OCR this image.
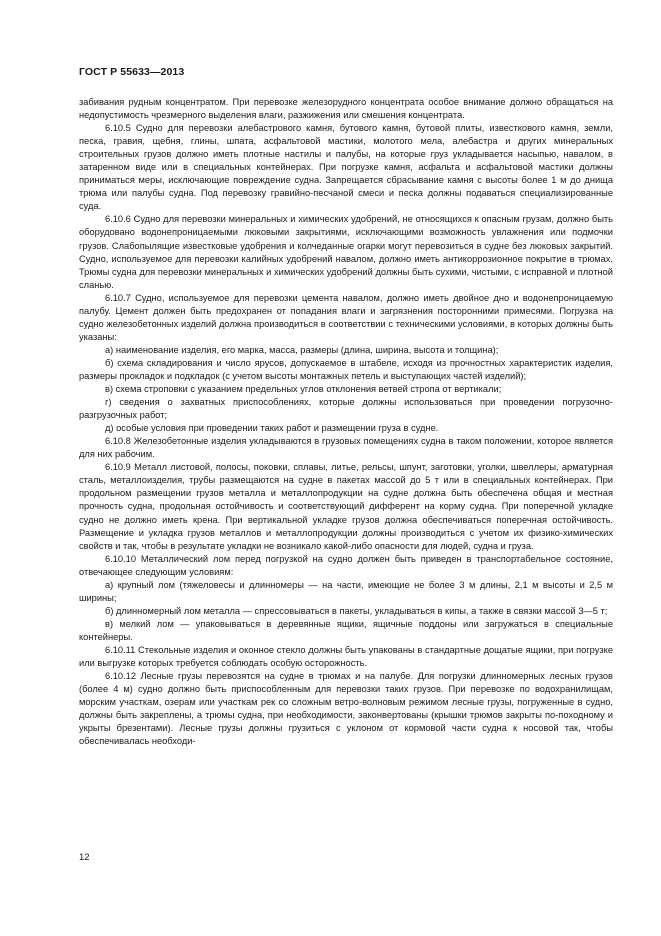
ГОСТ Р 55633—2013

забивания рудным концентратом. При перевозке железорудного концентрата особое внимание должно обращаться на недопустимость чрезмерного выделения влаги, разжижения или смешения концентрата.

6.10.5 Судно для перевозки алебастрового камня, бутового камня, бутовой плиты, известкового камня, земли, песка, гравия, щебня, глины, шпата, асфальтовой мастики, молотого мела, алебастра и других минеральных строительных грузов должно иметь плотные настилы и палубы, на которые груз укладывается насыпью, навалом, в затаренном виде или в специальных контейнерах. При погрузке камня, асфальта и асфальтовой мастики должны приниматься меры, исключающие повреждение судна. Запрещается сбрасывание камня с высоты более 1 м до днища трюма или палубы судна. Под перевозку гравийно-песчаной смеси и песка должны подаваться специализированные суда.

6.10.6 Судно для перевозки минеральных и химических удобрений, не относящихся к опасным грузам, должно быть оборудовано водонепроницаемыми люковыми закрытиями, исключающими возможность увлажнения или подмочки грузов. Слабопылящие известковые удобрения и колчеданные огарки могут перевозиться в судне без люковых закрытий. Судно, используемое для перевозки калийных удобрений навалом, должно иметь антикоррозионное покрытие в трюмах. Трюмы судна для перевозки минеральных и химических удобрений должны быть сухими, чистыми, с исправной и плотной сланью.

6.10.7 Судно, используемое для перевозки цемента навалом, должно иметь двойное дно и водонепроницаемую палубу. Цемент должен быть предохранен от попадания влаги и загрязнения посторонними примесями. Погрузка на судно железобетонных изделий должна производиться в соответствии с техническими условиями, в которых должны быть указаны:

а) наименование изделия, его марка, масса, размеры (длина, ширина, высота и толщина);

б) схема складирования и число ярусов, допускаемое в штабеле, исходя из прочностных характеристик изделия, размеры прокладок и подкладок (с учетом высоты монтажных петель и выступающих частей изделий);

в) схема строповки с указанием предельных углов отклонения ветвей стропа от вертикали;

г) сведения о захватных приспособлениях, которые должны использоваться при проведении погрузочно-разгрузочных работ;

д) особые условия при проведении таких работ и размещении груза в судне.

6.10.8 Железобетонные изделия укладываются в грузовых помещениях судна в таком положении, которое является для них рабочим.

6.10.9 Металл листовой, полосы, поковки, сплавы, литье, рельсы, шпунт, заготовки, уголки, швеллеры, арматурная сталь, металлоизделия, трубы размещаются на судне в пакетах массой до 5 т или в специальных контейнерах. При продольном размещении грузов металла и металлопродукции на судне должна быть обеспечена общая и местная прочность судна, продольная остойчивость и соответствующий дифферент на корму судна. При поперечной укладке судно не должно иметь крена. При вертикальной укладке грузов должна обеспечиваться поперечная остойчивость. Размещение и укладка грузов металлов и металлопродукции должны производиться с учетом их физико-химических свойств и так, чтобы в результате укладки не возникало какой-либо опасности для людей, судна и груза.

6.10.10 Металлический лом перед погрузкой на судно должен быть приведен в транспортабельное состояние, отвечающее следующим условиям:

а) крупный лом (тяжеловесы и длинномеры — на части, имеющие не более 3 м длины, 2,1 м высоты и 2,5 м ширины;

б) длинномерный лом металла — спрессовываться в пакеты, укладываться в кипы, а также в связки массой 3—5 т;

в) мелкий лом — упаковываться в деревянные ящики, ящичные поддоны или загружаться в специальные контейнеры.

6.10.11 Стекольные изделия и оконное стекло должны быть упакованы в стандартные дощатые ящики, при погрузке или выгрузке которых требуется соблюдать особую осторожность.

6.10.12 Лесные грузы перевозятся на судне в трюмах и на палубе. Для погрузки длинномерных лесных грузов (более 4 м) судно должно быть приспособленным для перевозки таких грузов. При перевозке по водохранилищам, морским участкам, озерам или участкам рек со сложным ветро-волновым режимом лесные грузы, погруженные в судно, должны быть закреплены, а трюмы судна, при необходимости, законвертованы (крышки трюмов закрыты по-походному и укрыты брезентами). Лесные грузы должны грузиться с уклоном от кормовой части судна к носовой так, чтобы обеспечивалась необходи-

12
